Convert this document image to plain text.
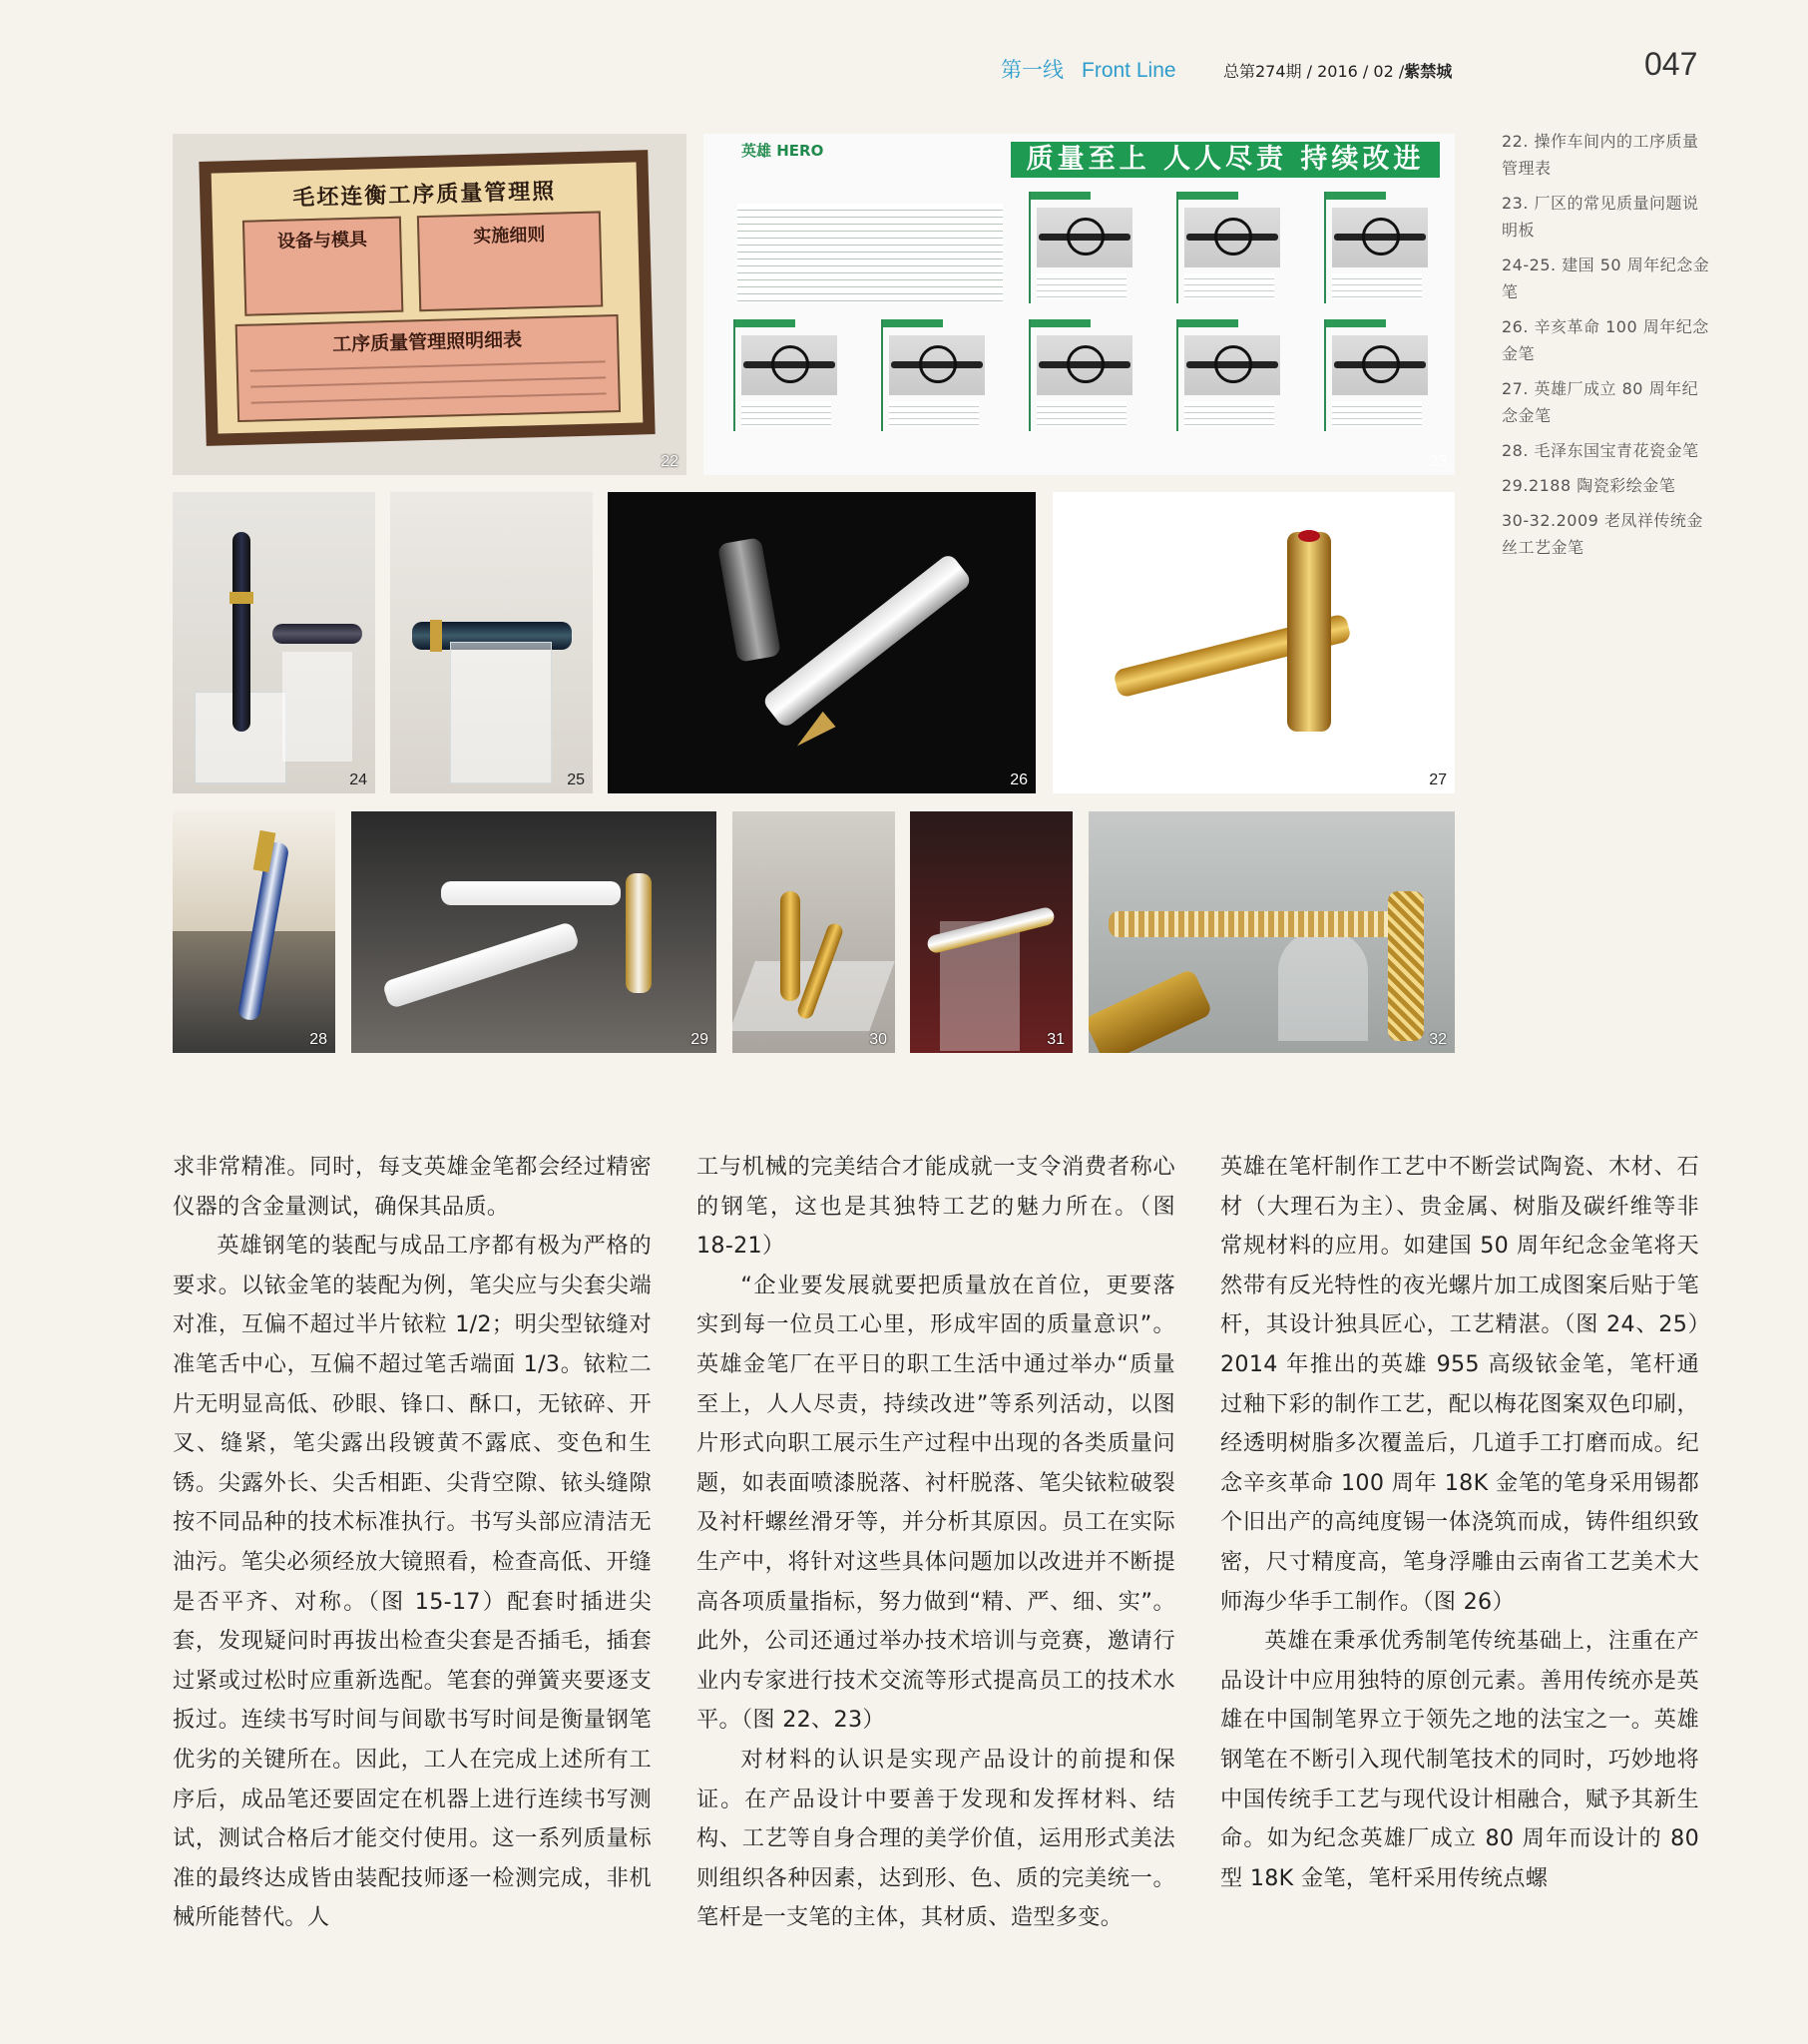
第一线 Front Line	总第274期 / 2016 / 02 /紫禁城	047
毛坯连衡工序质量管理照
设备与模具	实施细则
工序质量管理照明细表
22
英雄 HERO	质量至上 人人尽责 持续改进
23
24	25	26	27
28	29	30	31	32
22. 操作车间内的工序质量管理表
23. 厂区的常见质量问题说明板
24-25. 建国 50 周年纪念金笔
26. 辛亥革命 100 周年纪念金笔
27. 英雄厂成立 80 周年纪念金笔
28. 毛泽东国宝青花瓷金笔
29.2188 陶瓷彩绘金笔
30-32.2009 老凤祥传统金丝工艺金笔

求非常精准。同时，每支英雄金笔都会经过精密仪器的含金量测试，确保其品质。

英雄钢笔的装配与成品工序都有极为严格的要求。以铱金笔的装配为例，笔尖应与尖套尖端对准，互偏不超过半片铱粒 1/2；明尖型铱缝对准笔舌中心，互偏不超过笔舌端面 1/3。铱粒二片无明显高低、砂眼、锋口、酥口，无铱碎、开叉、缝紧，笔尖露出段镀黄不露底、变色和生锈。尖露外长、尖舌相距、尖背空隙、铱头缝隙按不同品种的技术标准执行。书写头部应清洁无油污。笔尖必须经放大镜照看，检查高低、开缝是否平齐、对称。（图 15-17）配套时插进尖套，发现疑问时再拔出检查尖套是否插毛，插套过紧或过松时应重新选配。笔套的弹簧夹要逐支扳过。连续书写时间与间歇书写时间是衡量钢笔优劣的关键所在。因此，工人在完成上述所有工序后，成品笔还要固定在机器上进行连续书写测试，测试合格后才能交付使用。这一系列质量标准的最终达成皆由装配技师逐一检测完成，非机械所能替代。人

工与机械的完美结合才能成就一支令消费者称心的钢笔，这也是其独特工艺的魅力所在。（图 18-21）

“企业要发展就要把质量放在首位，更要落实到每一位员工心里，形成牢固的质量意识”。英雄金笔厂在平日的职工生活中通过举办“质量至上，人人尽责，持续改进”等系列活动，以图片形式向职工展示生产过程中出现的各类质量问题，如表面喷漆脱落、衬杆脱落、笔尖铱粒破裂及衬杆螺丝滑牙等，并分析其原因。员工在实际生产中，将针对这些具体问题加以改进并不断提高各项质量指标，努力做到“精、严、细、实”。此外，公司还通过举办技术培训与竞赛，邀请行业内专家进行技术交流等形式提高员工的技术水平。（图 22、23）

对材料的认识是实现产品设计的前提和保证。在产品设计中要善于发现和发挥材料、结构、工艺等自身合理的美学价值，运用形式美法则组织各种因素，达到形、色、质的完美统一。笔杆是一支笔的主体，其材质、造型多变。

英雄在笔杆制作工艺中不断尝试陶瓷、木材、石材（大理石为主）、贵金属、树脂及碳纤维等非常规材料的应用。如建国 50 周年纪念金笔将天然带有反光特性的夜光螺片加工成图案后贴于笔杆，其设计独具匠心，工艺精湛。（图 24、25）2014 年推出的英雄 955 高级铱金笔，笔杆通过釉下彩的制作工艺，配以梅花图案双色印刷，经透明树脂多次覆盖后，几道手工打磨而成。纪念辛亥革命 100 周年 18K 金笔的笔身采用锡都个旧出产的高纯度锡一体浇筑而成，铸件组织致密，尺寸精度高，笔身浮雕由云南省工艺美术大师海少华手工制作。（图 26）

英雄在秉承优秀制笔传统基础上，注重在产品设计中应用独特的原创元素。善用传统亦是英雄在中国制笔界立于领先之地的法宝之一。英雄钢笔在不断引入现代制笔技术的同时，巧妙地将中国传统手工艺与现代设计相融合，赋予其新生命。如为纪念英雄厂成立 80 周年而设计的 80 型 18K 金笔，笔杆采用传统点螺
